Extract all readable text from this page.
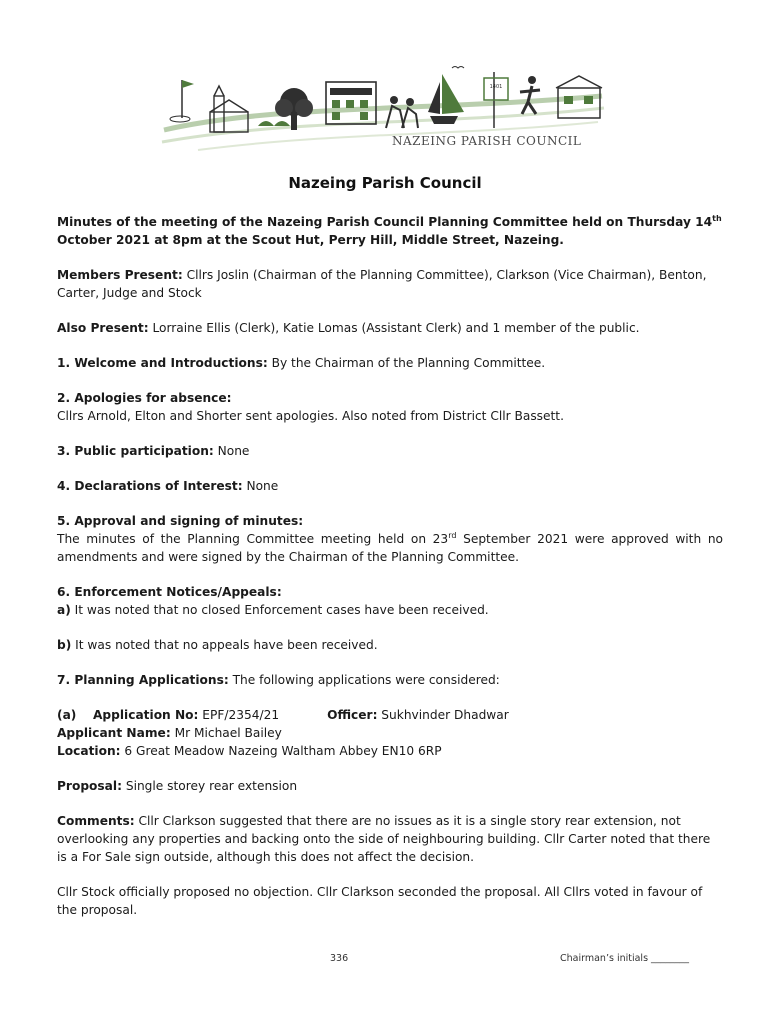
1401
NAZEING PARISH COUNCIL
Nazeing Parish Council

Minutes of the meeting of the Nazeing Parish Council Planning Committee held on Thursday 14th October 2021 at 8pm at the Scout Hut, Perry Hill, Middle Street, Nazeing.

Members Present: Cllrs Joslin (Chairman of the Planning Committee), Clarkson (Vice Chairman), Benton, Carter, Judge and Stock

Also Present: Lorraine Ellis (Clerk), Katie Lomas (Assistant Clerk) and 1 member of the public.

1. Welcome and Introductions: By the Chairman of the Planning Committee.

2. Apologies for absence:
Cllrs Arnold, Elton and Shorter sent apologies. Also noted from District Cllr Bassett.

3. Public participation: None

4. Declarations of Interest: None

5. Approval and signing of minutes:
The minutes of the Planning Committee meeting held on 23rd September 2021 were approved with no amendments and were signed by the Chairman of the Planning Committee.

6. Enforcement Notices/Appeals:
a) It was noted that no closed Enforcement cases have been received.

b) It was noted that no appeals have been received.

7. Planning Applications: The following applications were considered:

(a) Application No: EPF/2354/21	Officer: Sukhvinder Dhadwar
Applicant Name: Mr Michael Bailey
Location: 6 Great Meadow Nazeing Waltham Abbey EN10 6RP

Proposal: Single storey rear extension

Comments: Cllr Clarkson suggested that there are no issues as it is a single story rear extension, not overlooking any properties and backing onto the side of neighbouring building. Cllr Carter noted that there is a For Sale sign outside, although this does not affect the decision.

Cllr Stock officially proposed no objection. Cllr Clarkson seconded the proposal. All Cllrs voted in favour of the proposal.

336	Chairman’s initials ________
